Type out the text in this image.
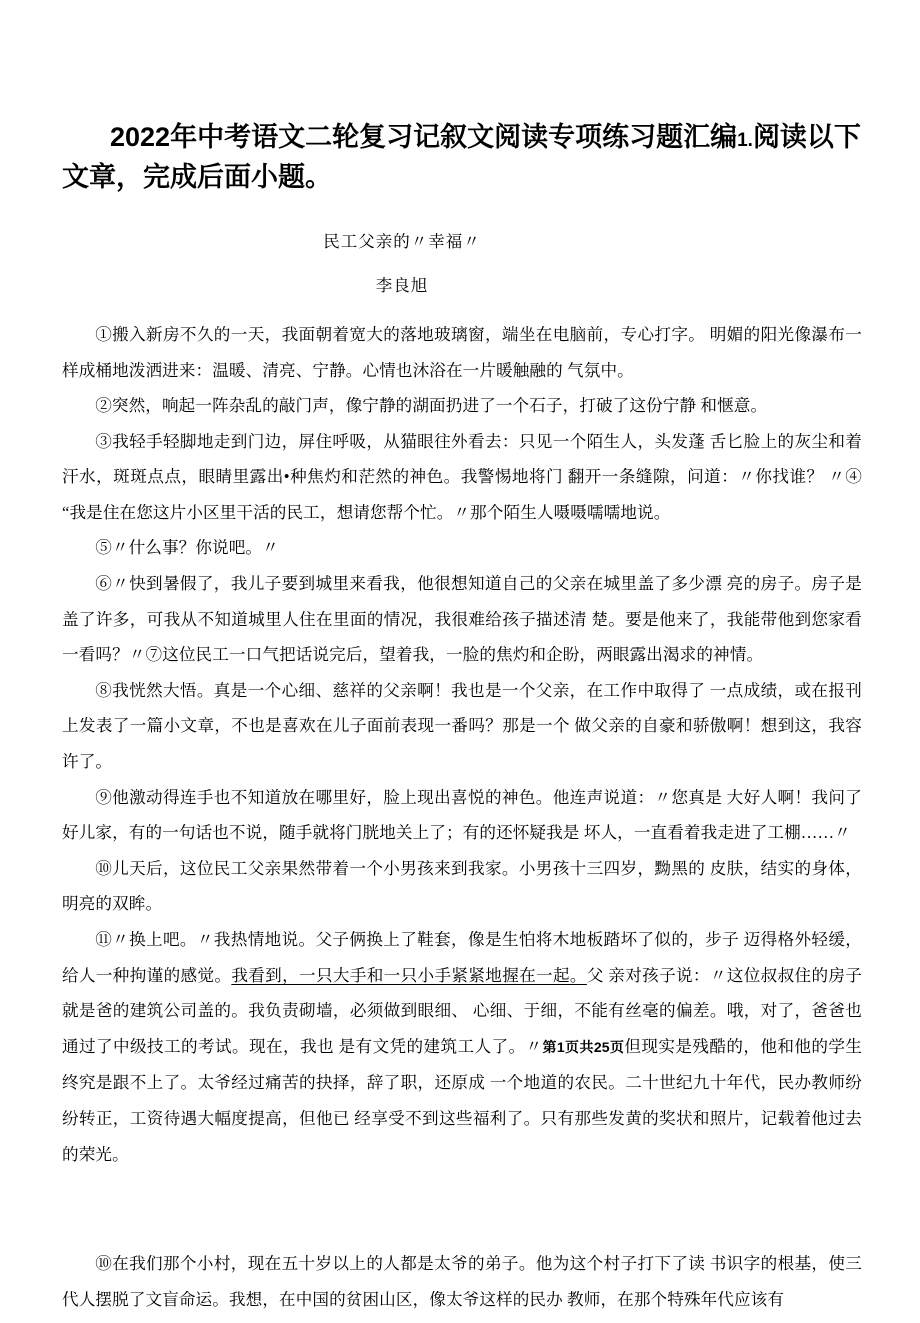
2022年中考语文二轮复习记叙文阅读专项练习题汇编1.阅读以下文章，完成后面小题。
民工父亲的〃幸福〃
李良旭

①搬入新房不久的一天，我面朝着宽大的落地玻璃窗，端坐在电脑前，专心打字。 明媚的阳光像瀑布一样成桶地泼洒进来：温暖、清亮、宁静。心情也沐浴在一片暖触融的 气氛中。

②突然，响起一阵杂乱的敲门声，像宁静的湖面扔进了一个石子，打破了这份宁静 和惬意。

③我轻手轻脚地走到门边，屏住呼吸，从猫眼往外看去：只见一个陌生人，头发蓬 舌匕脸上的灰尘和着汗水，斑斑点点，眼睛里露出•种焦灼和茫然的神色。我警惕地将门 翻开一条缝隙，问道：〃你找谁？ 〃④ “我是住在您这片小区里干活的民工，想请您帮个忙。〃那个陌生人嗫嗫嚅嚅地说。

⑤〃什么事？你说吧。〃

⑥〃快到暑假了，我儿子要到城里来看我，他很想知道自己的父亲在城里盖了多少漂 亮的房子。房子是盖了许多，可我从不知道城里人住在里面的情况，我很难给孩子描述清 楚。要是他来了，我能带他到您家看一看吗？〃⑦这位民工一口气把话说完后，望着我，一脸的焦灼和企盼，两眼露出渴求的神情。

⑧我恍然大悟。真是一个心细、慈祥的父亲啊！我也是一个父亲，在工作中取得了 一点成绩，或在报刊上发表了一篇小文章，不也是喜欢在儿子面前表现一番吗？那是一个 做父亲的自豪和骄傲啊！想到这，我容许了。

⑨他激动得连手也不知道放在哪里好，脸上现出喜悦的神色。他连声说道：〃您真是 大好人啊！我问了好儿家，有的一句话也不说，随手就将门胱地关上了；有的还怀疑我是 坏人，一直看着我走进了工棚……〃

⑩儿天后，这位民工父亲果然带着一个小男孩来到我家。小男孩十三四岁，黝黑的 皮肤，结实的身体，明亮的双眸。

⑪〃换上吧。〃我热情地说。父子俩换上了鞋套，像是生怕将木地板踏坏了似的，步子 迈得格外轻缓，给人一种拘谨的感觉。我看到，一只大手和一只小手紧紧地握在一起。父 亲对孩子说：〃这位叔叔住的房子就是爸的建筑公司盖的。我负责砌墙，必须做到眼细、 心细、于细，不能有丝毫的偏差。哦，对了，爸爸也通过了中级技工的考试。现在，我也 是有文凭的建筑工人了。〃第1页共25页但现实是残酷的，他和他的学生终究是跟不上了。太爷经过痛苦的抉择，辞了职，还原成 一个地道的农民。二十世纪九十年代，民办教师纷纷转正，工资待遇大幅度提高，但他已 经享受不到这些福利了。只有那些发黄的奖状和照片，记载着他过去的荣光。

⑩在我们那个小村，现在五十岁以上的人都是太爷的弟子。他为这个村子打下了读 书识字的根基，使三代人摆脱了文盲命运。我想，在中国的贫困山区，像太爷这样的民办 教师，在那个特殊年代应该有
